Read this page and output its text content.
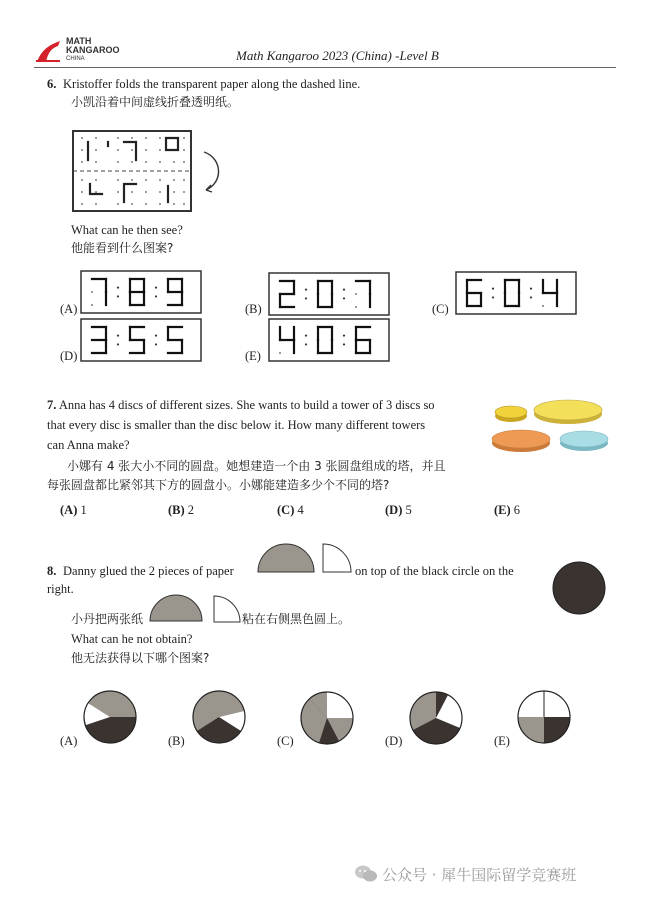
MATH
KANGAROO
CHINA	Math Kangaroo 2023 (China) -Level B
6. Kristoffer folds the transparent paper along the dashed line.
小凯沿着中间虚线折叠透明纸。
What can he then see?
他能看到什么图案?
(A)	(B)	(C)
(D)	(E)
7. Anna has 4 discs of different sizes. She wants to build a tower of 3 discs so
that every disc is smaller than the disc below it. How many different towers
can Anna make?
小娜有 4 张大小不同的圆盘。她想建造一个由 3 张圆盘组成的塔，并且
每张圆盘都比紧邻其下方的圆盘小。小娜能建造多少个不同的塔?
(A) 1	(B) 2	(C) 4	(D) 5	(E) 6
8. Danny glued the 2 pieces of paper	on top of the black circle on the
right.
小丹把两张纸	粘在右侧黑色圆上。
What can he not obtain?
他无法获得以下哪个图案?
(A)	(B)	(C)	(D)	(E)
公众号 · 犀牛国际留学竞赛班
